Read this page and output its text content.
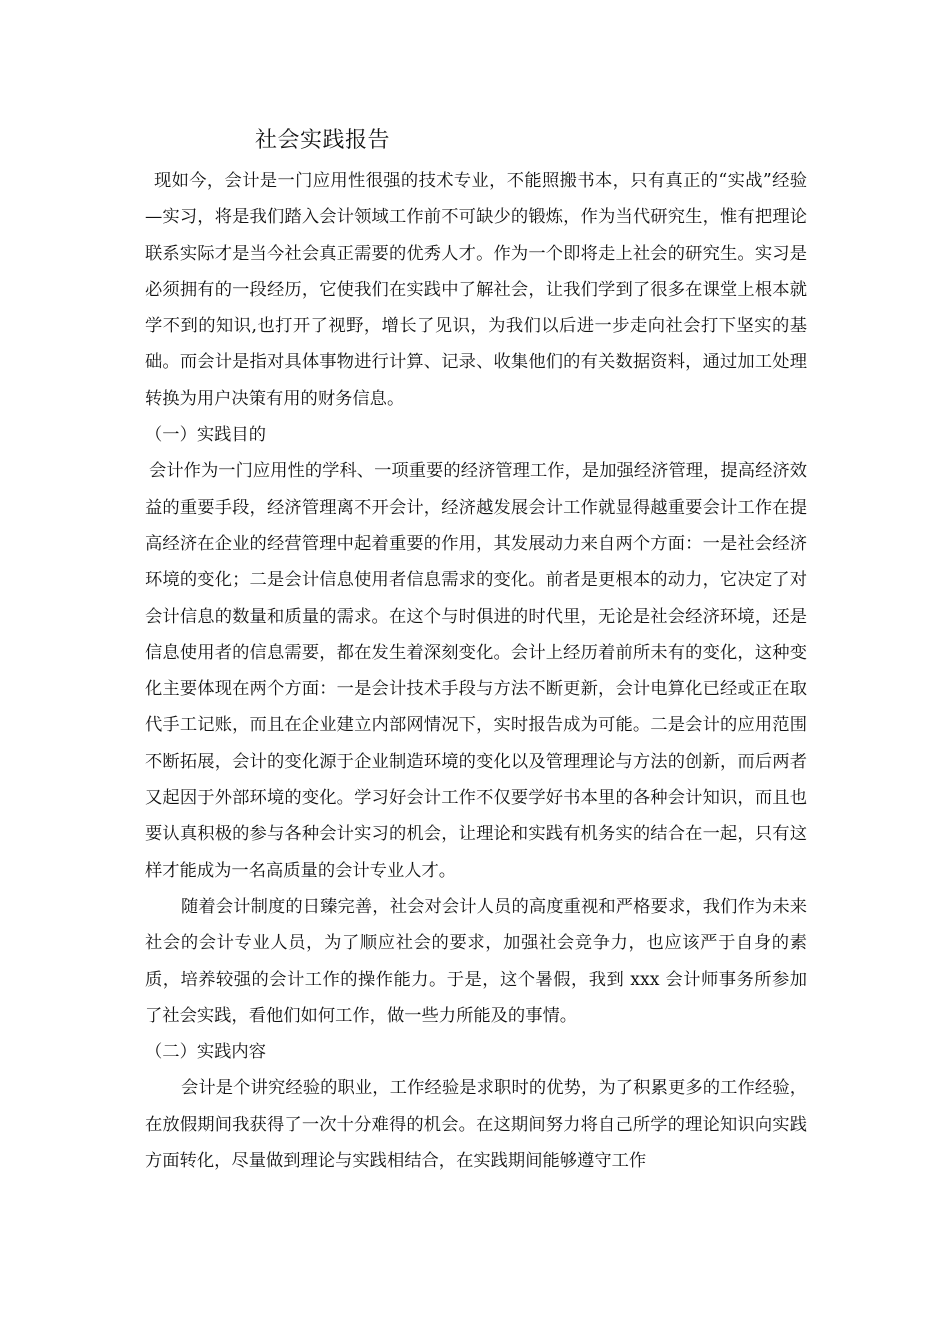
社会实践报告

现如今，会计是一门应用性很强的技术专业，不能照搬书本，只有真正的“实战”经验—实习，将是我们踏入会计领域工作前不可缺少的锻炼，作为当代研究生，惟有把理论联系实际才是当今社会真正需要的优秀人才。作为一个即将走上社会的研究生。实习是必须拥有的一段经历，它使我们在实践中了解社会，让我们学到了很多在课堂上根本就学不到的知识,也打开了视野，增长了见识，为我们以后进一步走向社会打下坚实的基础。而会计是指对具体事物进行计算、记录、收集他们的有关数据资料，通过加工处理转换为用户决策有用的财务信息。

（一）实践目的

会计作为一门应用性的学科、一项重要的经济管理工作，是加强经济管理，提高经济效益的重要手段，经济管理离不开会计，经济越发展会计工作就显得越重要会计工作在提高经济在企业的经营管理中起着重要的作用，其发展动力来自两个方面：一是社会经济环境的变化；二是会计信息使用者信息需求的变化。前者是更根本的动力，它决定了对会计信息的数量和质量的需求。在这个与时俱进的时代里，无论是社会经济环境，还是信息使用者的信息需要，都在发生着深刻变化。会计上经历着前所未有的变化，这种变化主要体现在两个方面：一是会计技术手段与方法不断更新，会计电算化已经或正在取代手工记账，而且在企业建立内部网情况下，实时报告成为可能。二是会计的应用范围不断拓展，会计的变化源于企业制造环境的变化以及管理理论与方法的创新，而后两者又起因于外部环境的变化。学习好会计工作不仅要学好书本里的各种会计知识，而且也要认真积极的参与各种会计实习的机会，让理论和实践有机务实的结合在一起，只有这样才能成为一名高质量的会计专业人才。

随着会计制度的日臻完善，社会对会计人员的高度重视和严格要求，我们作为未来社会的会计专业人员，为了顺应社会的要求，加强社会竞争力，也应该严于自身的素质，培养较强的会计工作的操作能力。于是，这个暑假，我到 xxx 会计师事务所参加了社会实践，看他们如何工作，做一些力所能及的事情。

（二）实践内容

会计是个讲究经验的职业，工作经验是求职时的优势，为了积累更多的工作经验，在放假期间我获得了一次十分难得的机会。在这期间努力将自己所学的理论知识向实践方面转化，尽量做到理论与实践相结合，在实践期间能够遵守工作
